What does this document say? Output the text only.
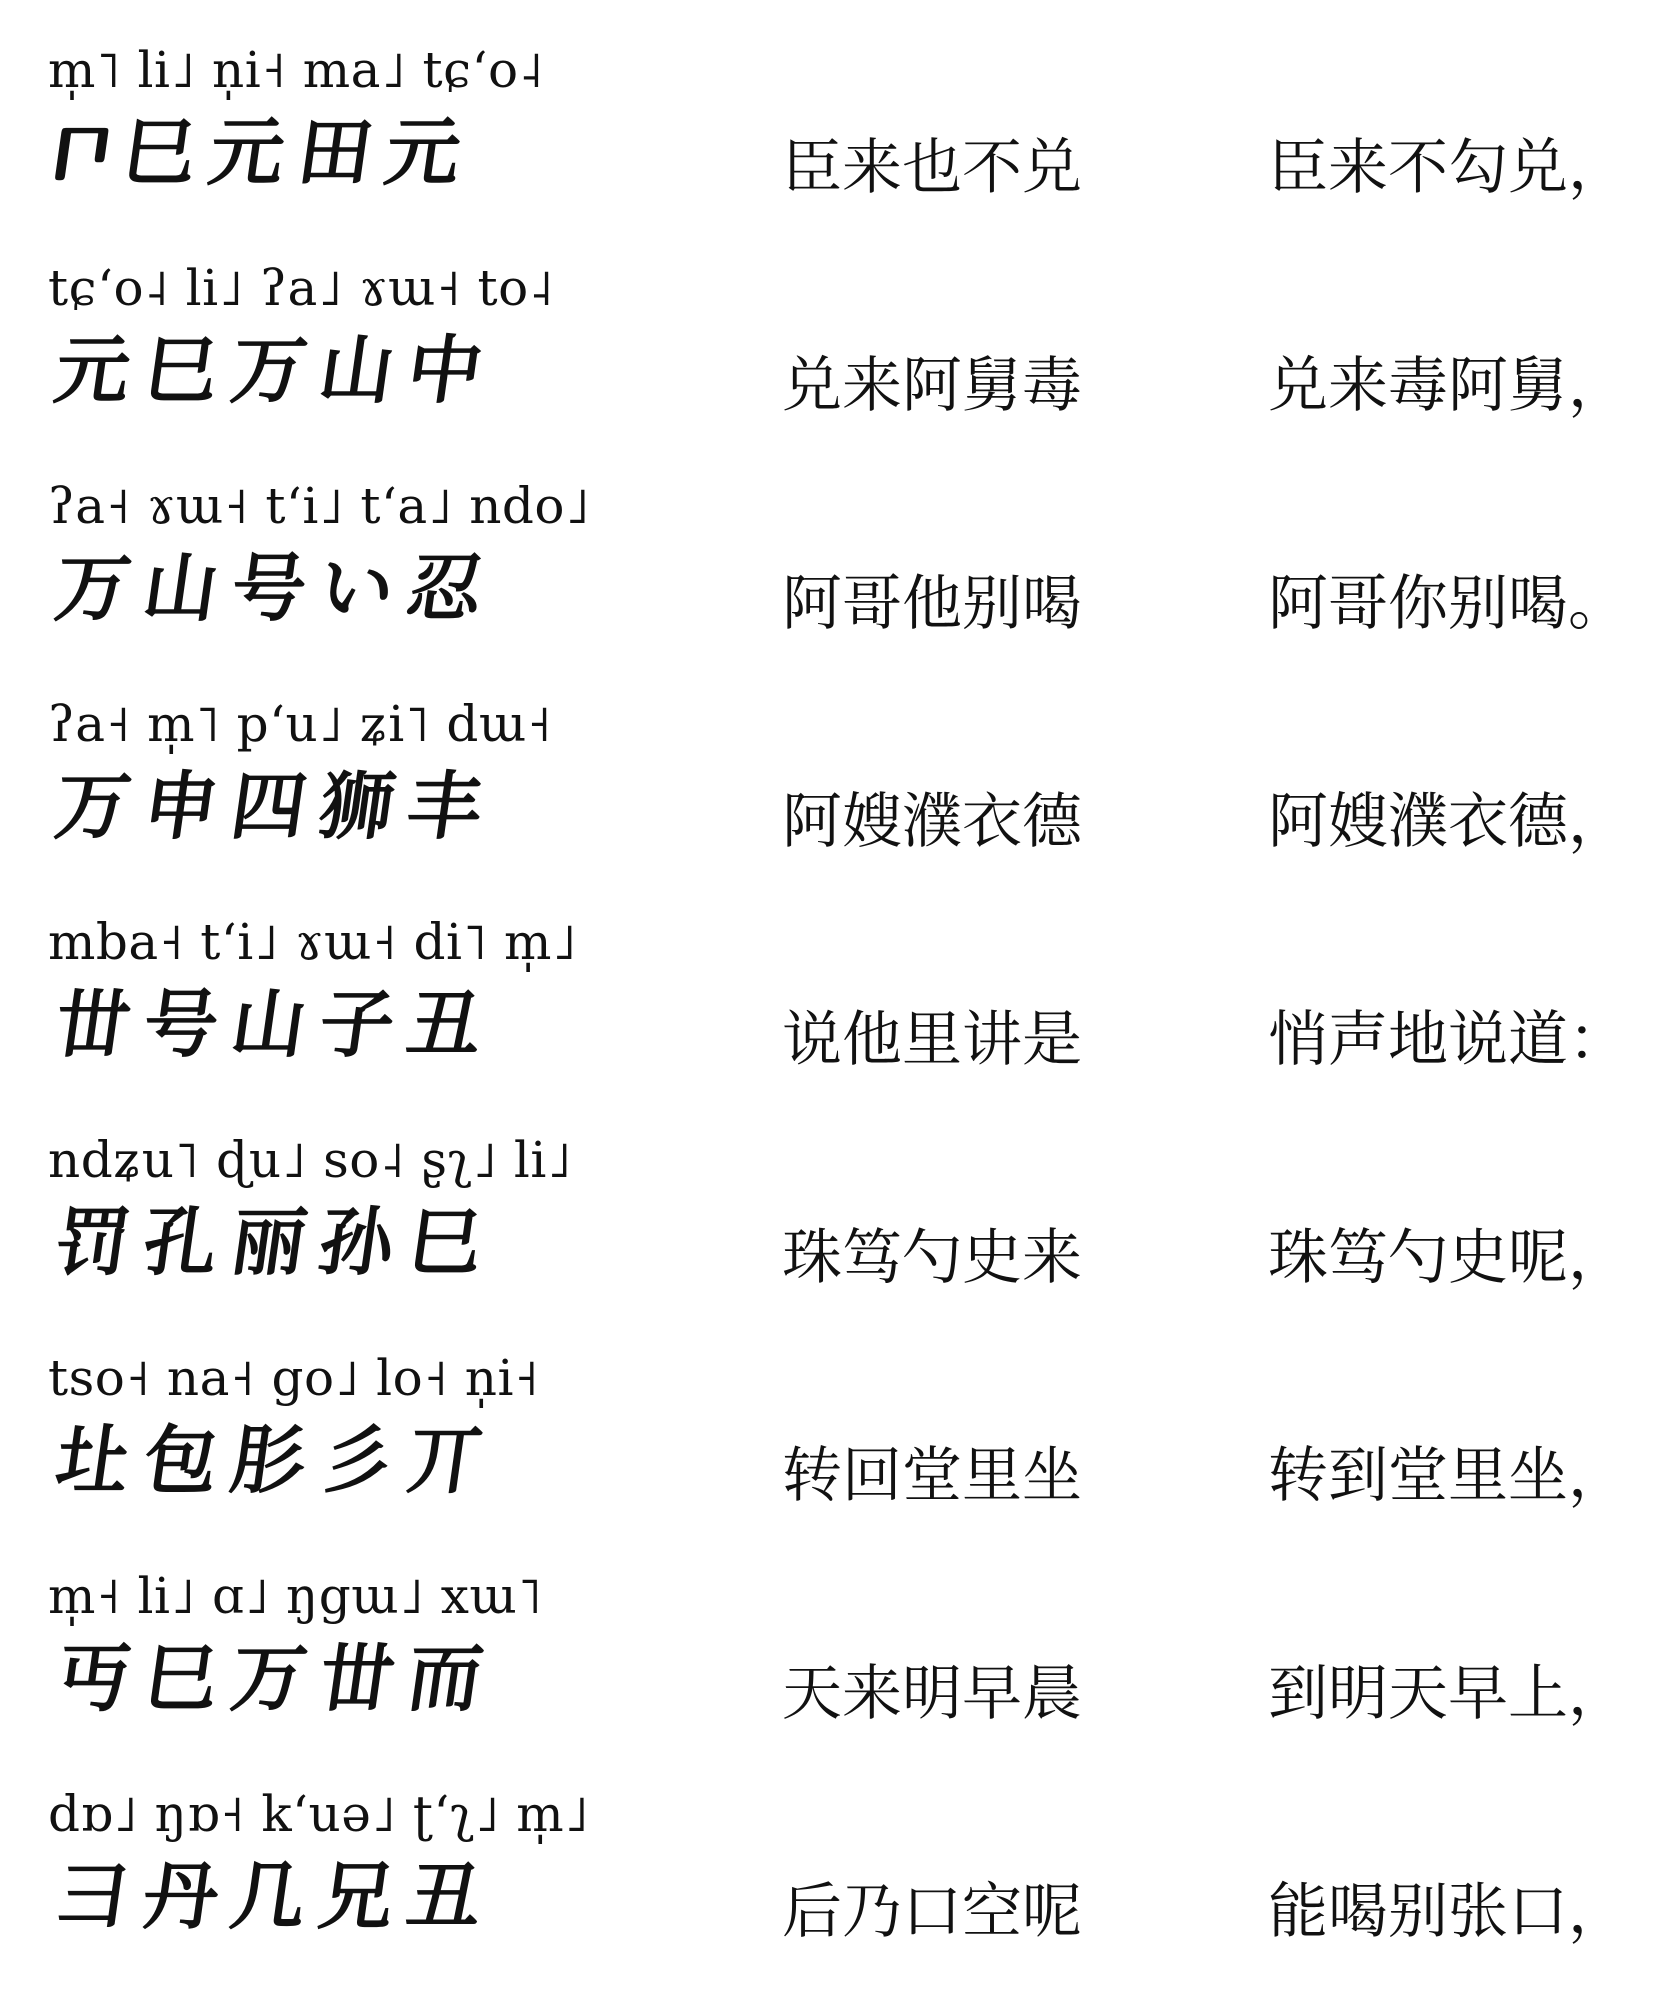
m̩˥ li˩ n̩i˧ ma˩ tɕʻo˨
𐅃巳元田元	臣来也不兑	臣来不勾兑，
tɕʻo˨ li˩ ʔa˩ ɤɯ˧ to˨
元巳万山中	兑来阿舅毒	兑来毒阿舅，
ʔa˧ ɤɯ˧ tʻi˩ tʻa˩ ndo˩
万山号い忍	阿哥他别喝	阿哥你别喝。
ʔa˧ m̩˥ pʻu˩ ʑi˥ dɯ˧
万申四狮丰	阿嫂濮衣德	阿嫂濮衣德，
mba˧ tʻi˩ ɤɯ˧ di˥ m̩˩
丗号山子丑	说他里讲是	悄声地说道：
ndʑu˥ ɖu˩ so˨ ʂʅ˩ li˩
罚孔丽孙巳	珠笃勺史来	珠笃勺史呢，
tso˧ na˧ go˩ lo˧ n̩i˧
圵包肜彡丌	转回堂里坐	转到堂里坐，
m̩˧ li˩ ɑ˩ ŋgɯ˩ xɯ˥
丏巳万丗而	天来明早晨	到明天早上，
dɒ˩ ŋɒ˧ kʻuə˩ ʈʻʅ˩ m̩˩
彐丹几兄丑	后乃口空呢	能喝别张口，
